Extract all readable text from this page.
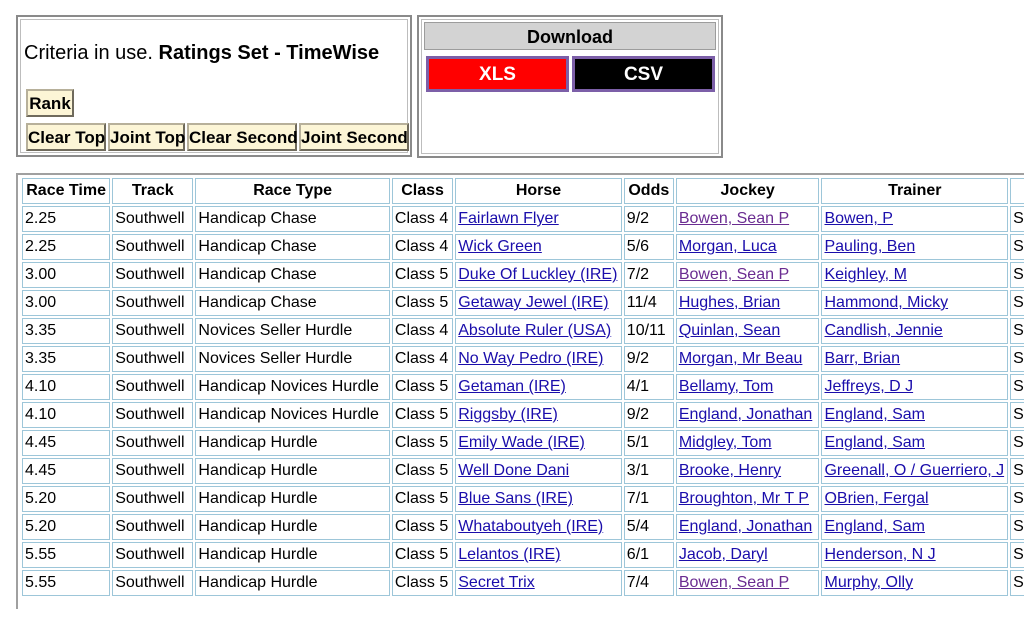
Criteria in use. Ratings Set - TimeWise
Rank
Clear Top Joint Top Clear Second Joint Second
Download
XLS	CSV
Race Time	Track	Race Type	Class	Horse	Odds	Jockey	Trainer	
2.25	Southwell	Handicap Chase	Class 4	Fairlawn Flyer	9/2	Bowen, Sean P	Bowen, P	S
2.25	Southwell	Handicap Chase	Class 4	Wick Green	5/6	Morgan, Luca	Pauling, Ben	S
3.00	Southwell	Handicap Chase	Class 5	Duke Of Luckley (IRE)	7/2	Bowen, Sean P	Keighley, M	S
3.00	Southwell	Handicap Chase	Class 5	Getaway Jewel (IRE)	11/4	Hughes, Brian	Hammond, Micky	S
3.35	Southwell	Novices Seller Hurdle	Class 4	Absolute Ruler (USA)	10/11	Quinlan, Sean	Candlish, Jennie	S
3.35	Southwell	Novices Seller Hurdle	Class 4	No Way Pedro (IRE)	9/2	Morgan, Mr Beau	Barr, Brian	S
4.10	Southwell	Handicap Novices Hurdle	Class 5	Getaman (IRE)	4/1	Bellamy, Tom	Jeffreys, D J	S
4.10	Southwell	Handicap Novices Hurdle	Class 5	Riggsby (IRE)	9/2	England, Jonathan	England, Sam	S
4.45	Southwell	Handicap Hurdle	Class 5	Emily Wade (IRE)	5/1	Midgley, Tom	England, Sam	S
4.45	Southwell	Handicap Hurdle	Class 5	Well Done Dani	3/1	Brooke, Henry	Greenall, O / Guerriero, J	S
5.20	Southwell	Handicap Hurdle	Class 5	Blue Sans (IRE)	7/1	Broughton, Mr T P	OBrien, Fergal	S
5.20	Southwell	Handicap Hurdle	Class 5	Whataboutyeh (IRE)	5/4	England, Jonathan	England, Sam	S
5.55	Southwell	Handicap Hurdle	Class 5	Lelantos (IRE)	6/1	Jacob, Daryl	Henderson, N J	S
5.55	Southwell	Handicap Hurdle	Class 5	Secret Trix	7/4	Bowen, Sean P	Murphy, Olly	S
